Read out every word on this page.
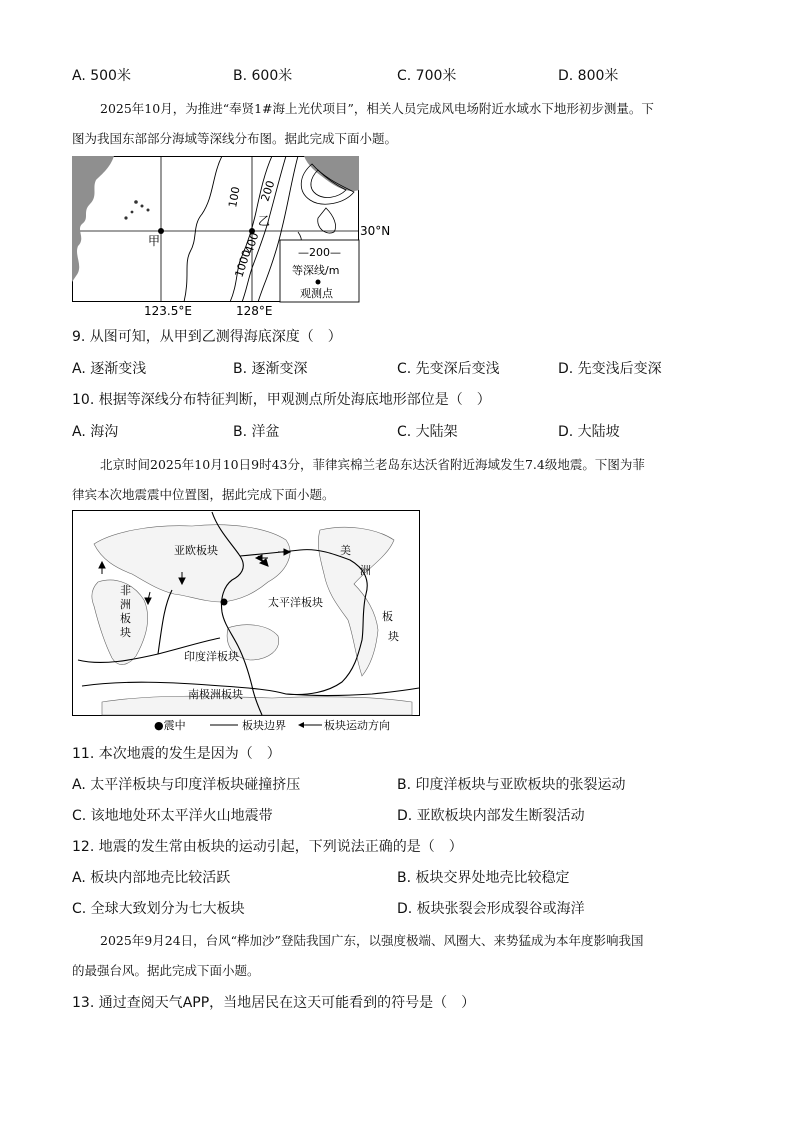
A. 500米	B. 600米	C. 700米	D. 800米
2025年10月，为推进“奉贤1#海上光伏项目”，相关人员完成风电场附近水域水下地形初步测量。下
图为我国东部部分海域等深线分布图。据此完成下面小题。
甲
乙
100 200
400
1000
30°N
123.5°E	128°E
—200—
等深线/m
观测点
9. 从图可知，从甲到乙测得海底深度（　）
A. 逐渐变浅	B. 逐渐变深	C. 先变深后变浅	D. 先变浅后变深
10. 根据等深线分布特征判断，甲观测点所处海底地形部位是（　）
A. 海沟	B. 洋盆	C. 大陆架	D. 大陆坡
北京时间2025年10月10日9时43分，菲律宾棉兰老岛东达沃省附近海域发生7.4级地震。下图为菲
律宾本次地震震中位置图，据此完成下面小题。
亚欧板块
非
洲
板
块
太平洋板块
美
洲
板
块
印度洋板块
南极洲板块
●震中	板块边界	板块运动方向
11. 本次地震的发生是因为（　）
A. 太平洋板块与印度洋板块碰撞挤压	B. 印度洋板块与亚欧板块的张裂运动
C. 该地地处环太平洋火山地震带	D. 亚欧板块内部发生断裂活动
12. 地震的发生常由板块的运动引起，下列说法正确的是（　）
A. 板块内部地壳比较活跃	B. 板块交界处地壳比较稳定
C. 全球大致划分为七大板块	D. 板块张裂会形成裂谷或海洋
2025年9月24日，台风“桦加沙”登陆我国广东，以强度极端、风圈大、来势猛成为本年度影响我国
的最强台风。据此完成下面小题。
13. 通过查阅天气APP，当地居民在这天可能看到的符号是（　）
